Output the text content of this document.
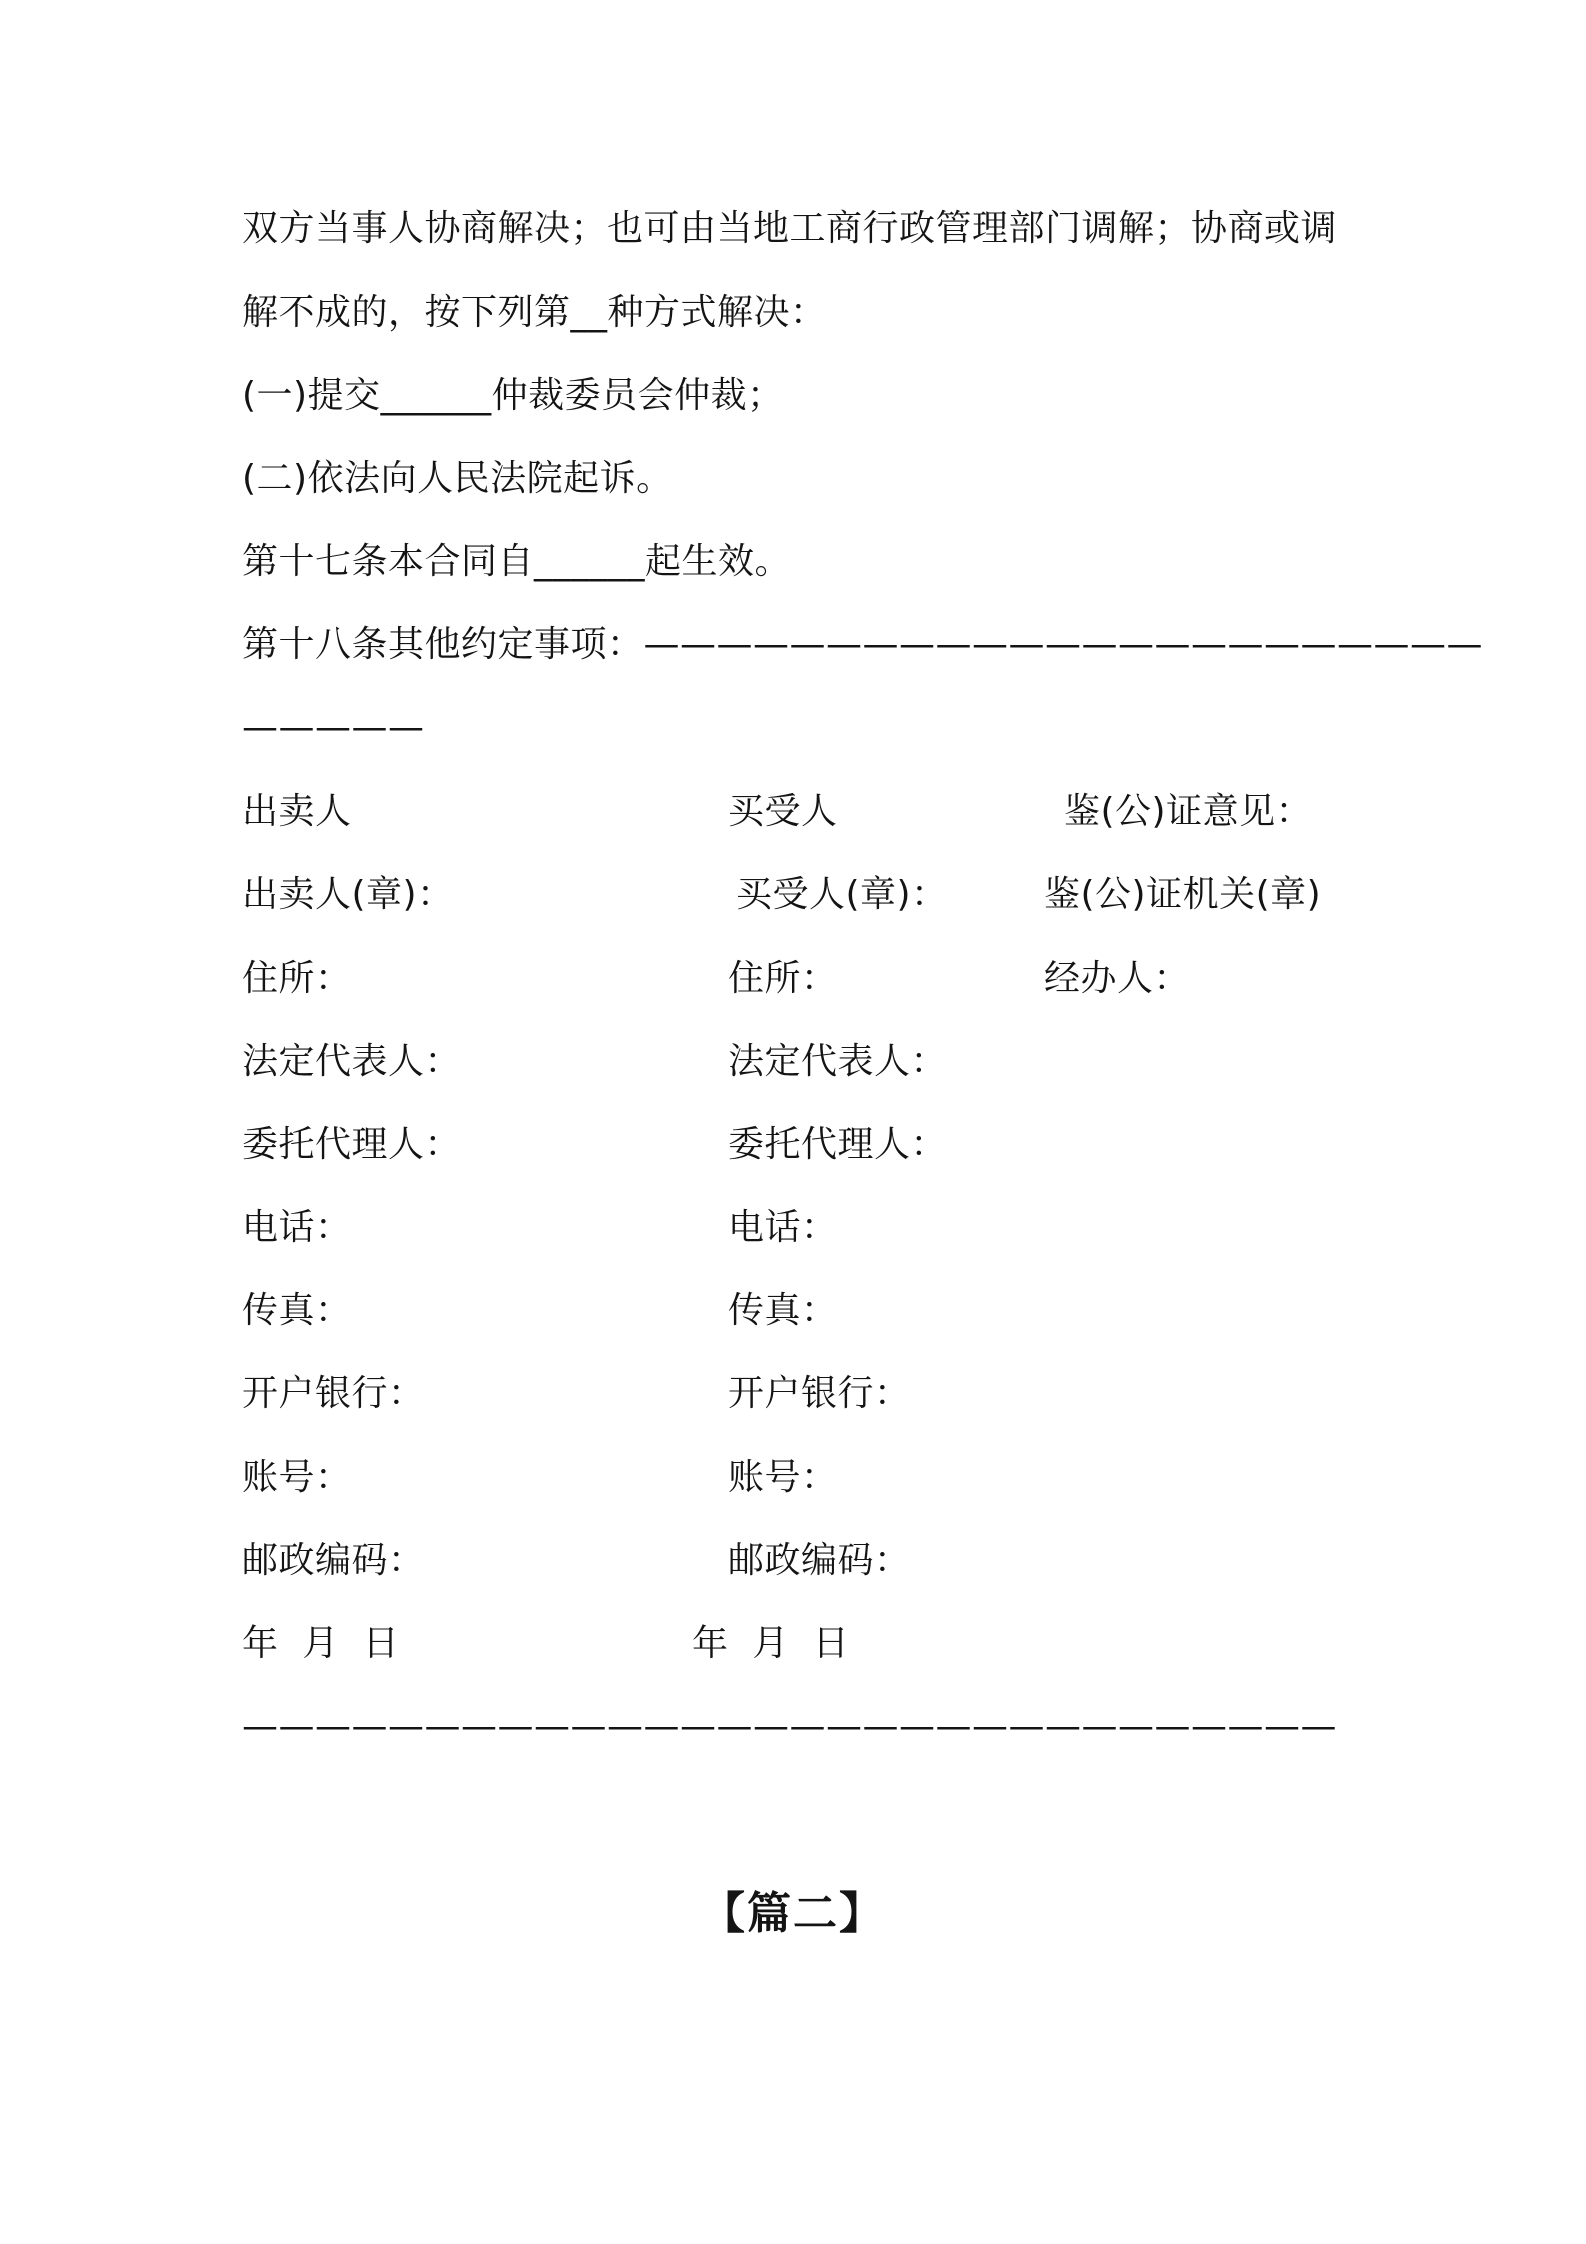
双方当事人协商解决；也可由当地工商行政管理部门调解；协商或调
解不成的，按下列第__种方式解决：
(一)提交______仲裁委员会仲裁；
(二)依法向人民法院起诉。
第十七条本合同自______起生效。
第十八条其他约定事项：———————————————————————
—————
出卖人
出卖人(章)：
住所：
法定代表人：
委托代理人：
电话：
传真：
开户银行：
账号：
邮政编码：
年  月  日
买受人
买受人(章)：
住所：
法定代表人：
委托代理人：
电话：
传真：
开户银行：
账号：
邮政编码：
年  月  日
鉴(公)证意见：
鉴(公)证机关(章)
经办人：
——————————————————————————————
【篇二】
